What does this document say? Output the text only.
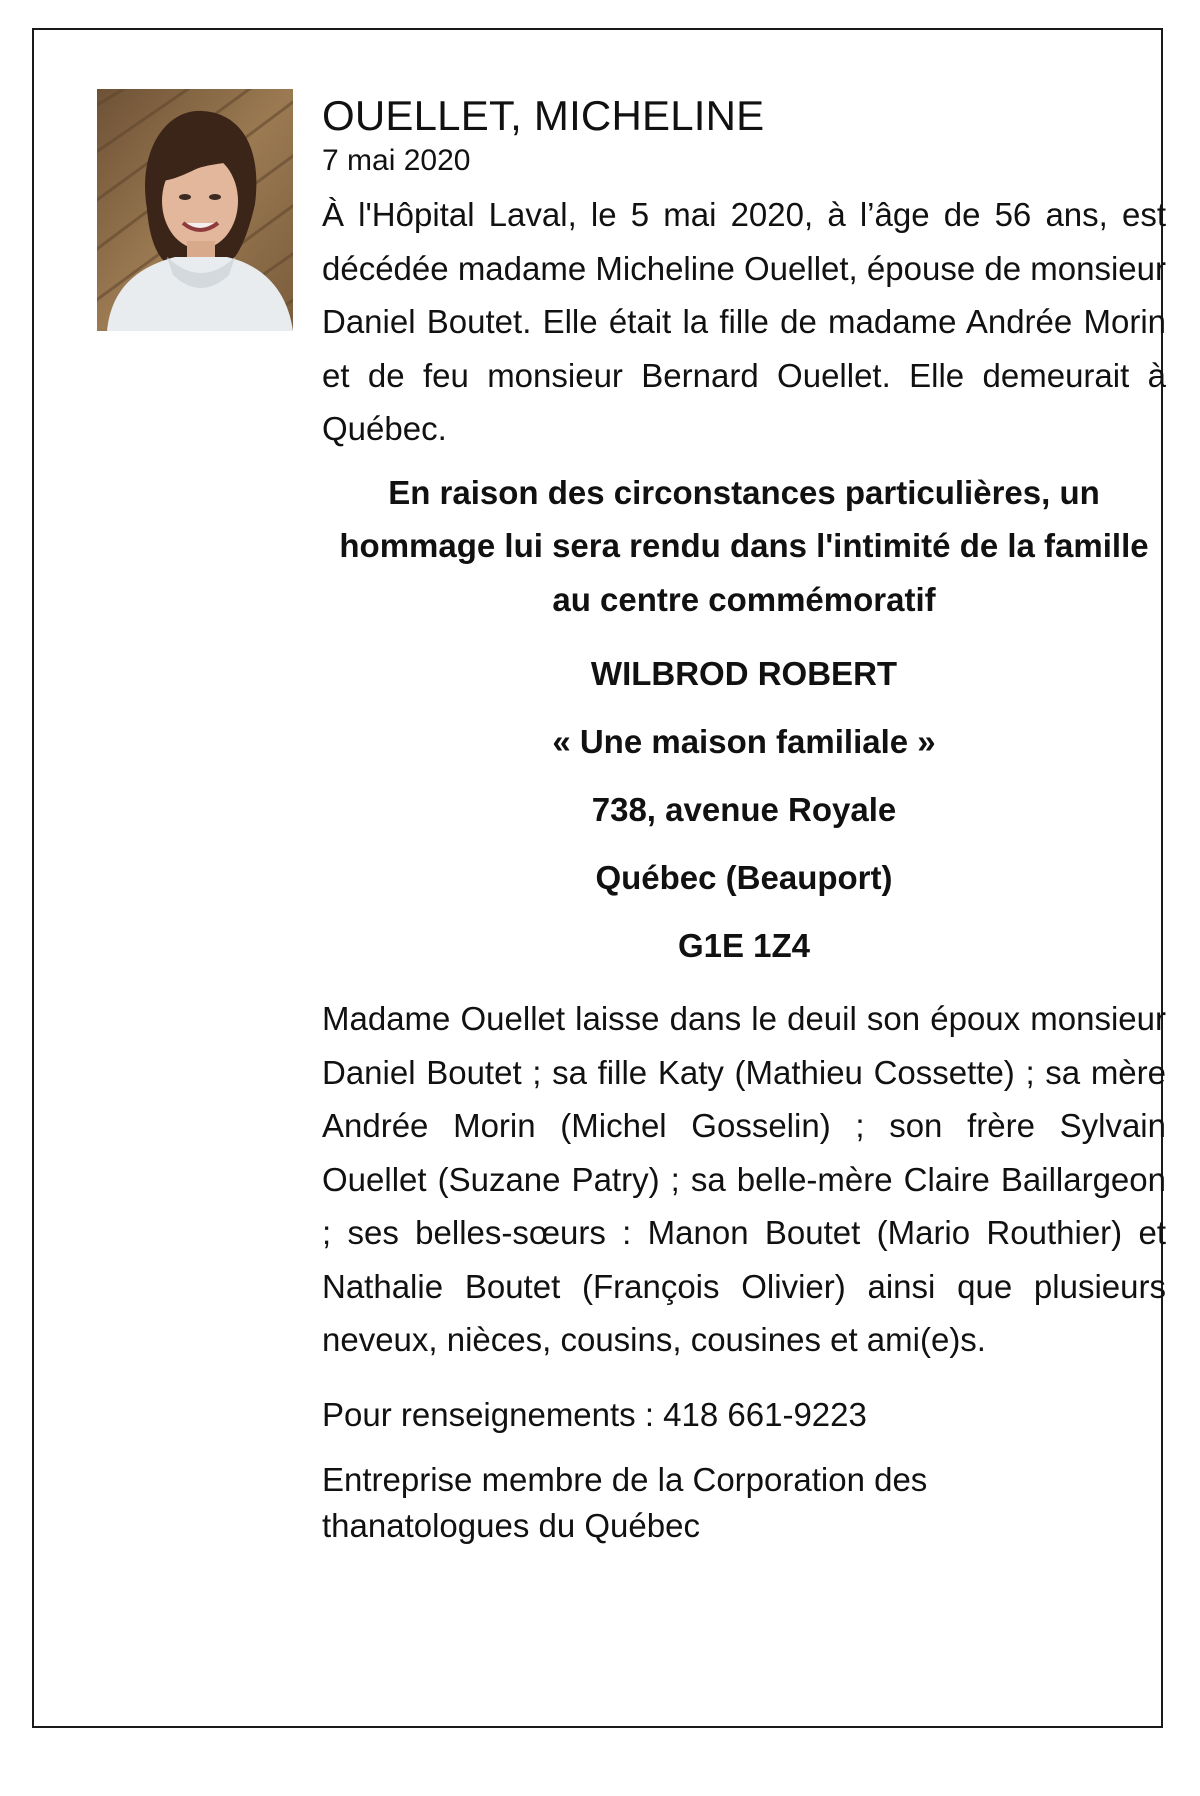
OUELLET, MICHELINE

7 mai 2020

À l'Hôpital Laval, le 5 mai 2020, à l’âge de 56 ans, est décédée madame Micheline Ouellet, épouse de monsieur Daniel Boutet. Elle était la fille de madame Andrée Morin et de feu monsieur Bernard Ouellet. Elle demeurait à Québec.

En raison des circonstances particulières, un hommage lui sera rendu dans l'intimité de la famille au centre commémoratif

WILBROD ROBERT

« Une maison familiale »

738, avenue Royale

Québec (Beauport)

G1E 1Z4

Madame Ouellet laisse dans le deuil son époux monsieur Daniel Boutet ; sa fille Katy (Mathieu Cossette) ; sa mère Andrée Morin (Michel Gosselin) ; son frère Sylvain Ouellet (Suzane Patry) ; sa belle-mère Claire Baillargeon ; ses belles-sœurs : Manon Boutet (Mario Routhier) et Nathalie Boutet (François Olivier) ainsi que plusieurs neveux, nièces, cousins, cousines et ami(e)s.

Pour renseignements : 418 661-9223

Entreprise membre de la Corporation des
thanatologues du Québec
